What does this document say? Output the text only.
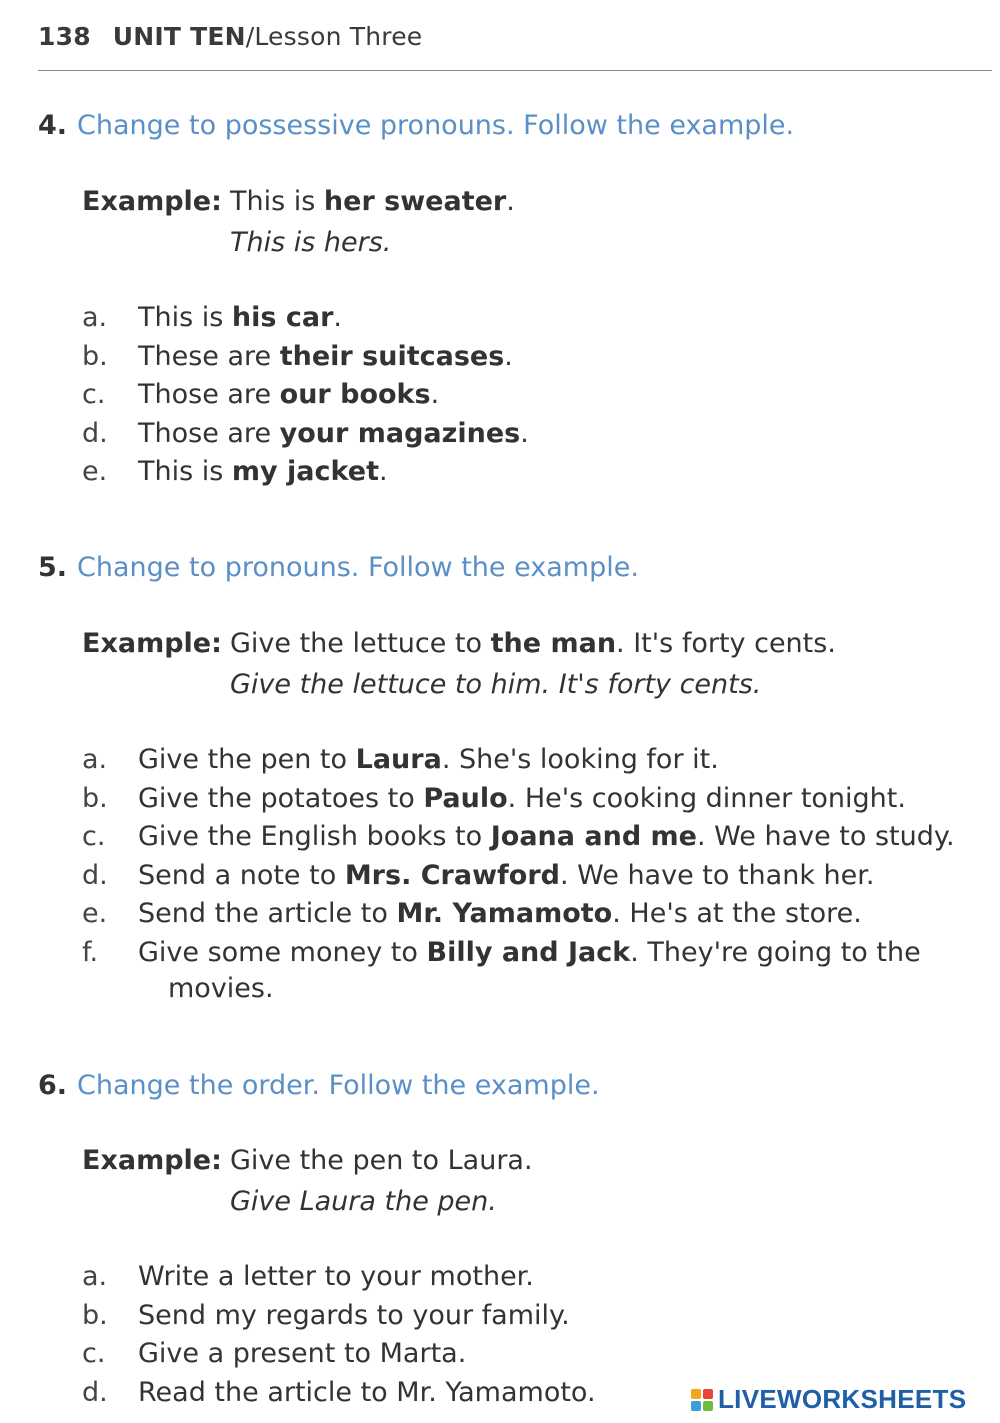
138 UNIT TEN/Lesson Three
4. Change to possessive pronouns. Follow the example.
Example: This is her sweater.
This is hers.
a. This is his car.
b. These are their suitcases.
c. Those are our books.
d. Those are your magazines.
e. This is my jacket.
5. Change to pronouns. Follow the example.
Example: Give the lettuce to the man. It's forty cents.
Give the lettuce to him. It's forty cents.
a. Give the pen to Laura. She's looking for it.
b. Give the potatoes to Paulo. He's cooking dinner tonight.
c. Give the English books to Joana and me. We have to study.
d. Send a note to Mrs. Crawford. We have to thank her.
e. Send the article to Mr. Yamamoto. He's at the store.
f. Give some money to Billy and Jack. They're going to the
movies.
6. Change the order. Follow the example.
Example: Give the pen to Laura.
Give Laura the pen.
a. Write a letter to your mother.
b. Send my regards to your family.
c. Give a present to Marta.
d. Read the article to Mr. Yamamoto.	LIVEWORKSHEETS
